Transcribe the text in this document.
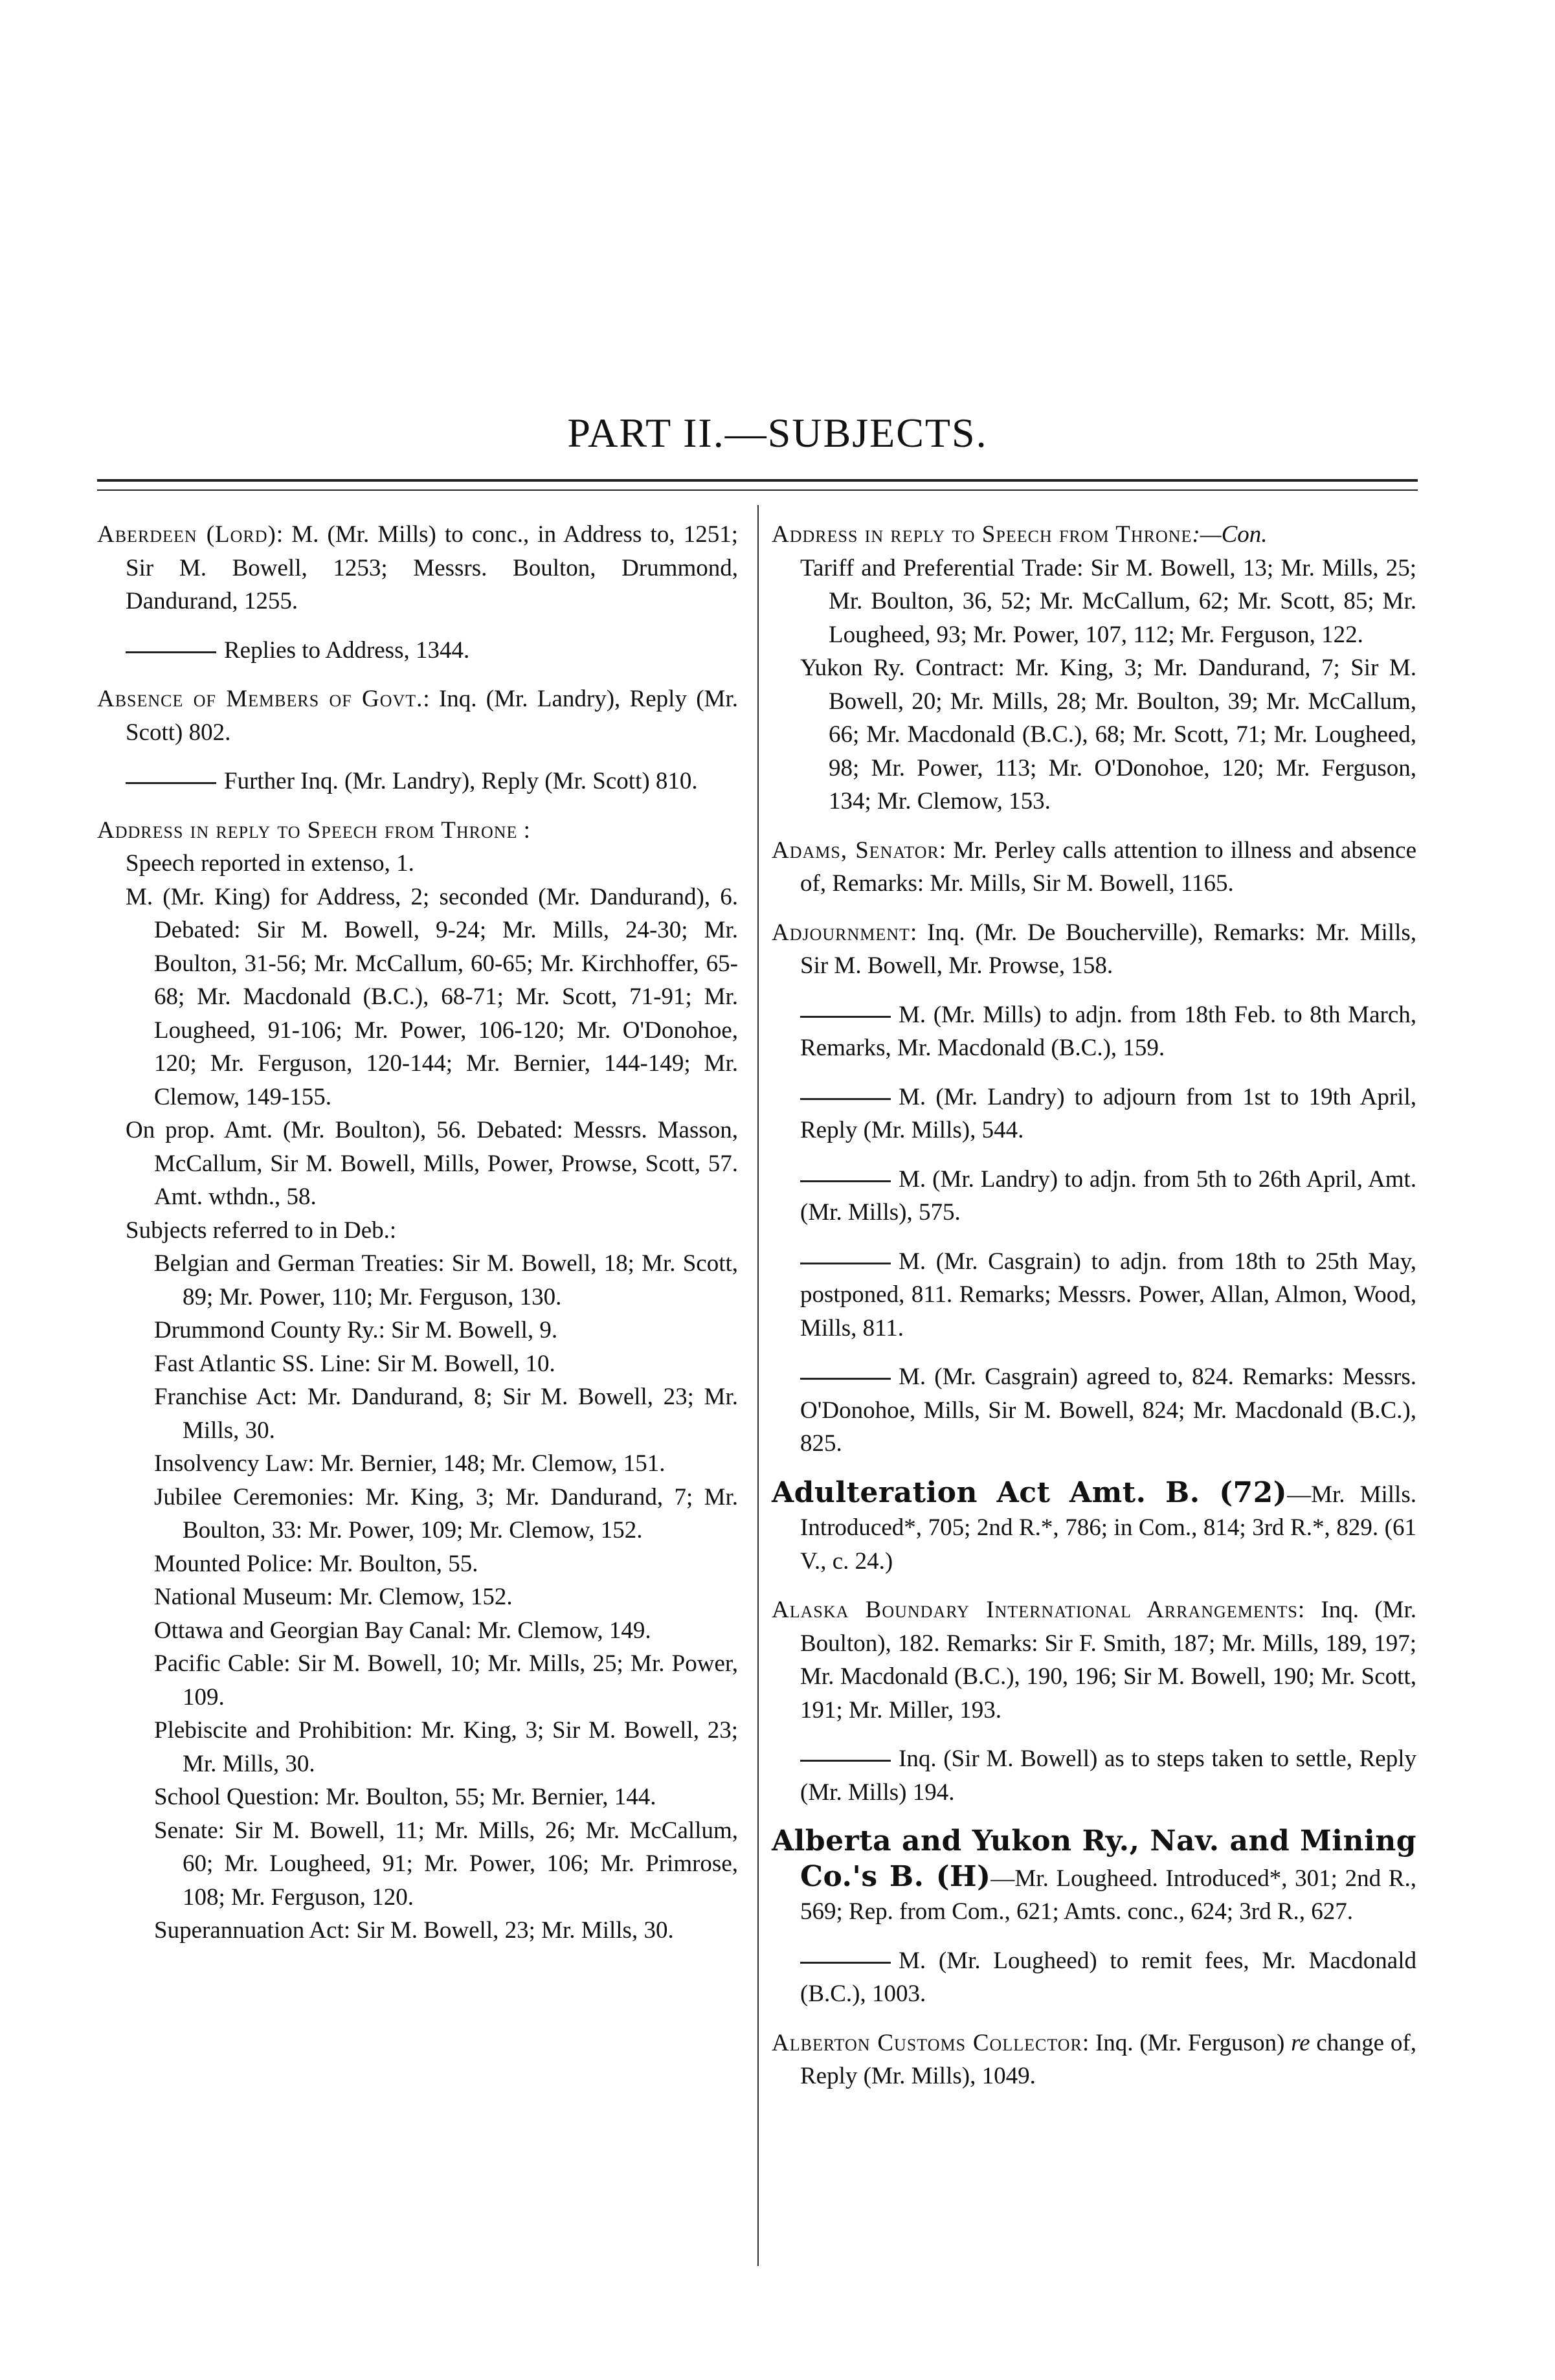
PART II.—SUBJECTS.
Aberdeen (Lord): M. (Mr. Mills) to conc., in Address to, 1251; Sir M. Bowell, 1253; Messrs. Boulton, Drummond, Dandurand, 1255.
Replies to Address, 1344.
Absence of Members of Govt.: Inq. (Mr. Landry), Reply (Mr. Scott) 802.
Further Inq. (Mr. Landry), Reply (Mr. Scott) 810.
Address in reply to Speech from Throne :

Speech reported in extenso, 1.

M. (Mr. King) for Address, 2; seconded (Mr. Dandurand), 6. Debated: Sir M. Bowell, 9-24; Mr. Mills, 24-30; Mr. Boulton, 31-56; Mr. McCallum, 60-65; Mr. Kirchhoffer, 65-68; Mr. Macdonald (B.C.), 68-71; Mr. Scott, 71-91; Mr. Lougheed, 91-106; Mr. Power, 106-120; Mr. O'Donohoe, 120; Mr. Ferguson, 120-144; Mr. Bernier, 144-149; Mr. Clemow, 149-155.

On prop. Amt. (Mr. Boulton), 56. Debated: Messrs. Masson, McCallum, Sir M. Bowell, Mills, Power, Prowse, Scott, 57. Amt. wthdn., 58.

Subjects referred to in Deb.:

Belgian and German Treaties: Sir M. Bowell, 18; Mr. Scott, 89; Mr. Power, 110; Mr. Ferguson, 130.

Drummond County Ry.: Sir M. Bowell, 9.

Fast Atlantic SS. Line: Sir M. Bowell, 10.

Franchise Act: Mr. Dandurand, 8; Sir M. Bowell, 23; Mr. Mills, 30.

Insolvency Law: Mr. Bernier, 148; Mr. Clemow, 151.

Jubilee Ceremonies: Mr. King, 3; Mr. Dandurand, 7; Mr. Boulton, 33: Mr. Power, 109; Mr. Clemow, 152.

Mounted Police: Mr. Boulton, 55.

National Museum: Mr. Clemow, 152.

Ottawa and Georgian Bay Canal: Mr. Clemow, 149.

Pacific Cable: Sir M. Bowell, 10; Mr. Mills, 25; Mr. Power, 109.

Plebiscite and Prohibition: Mr. King, 3; Sir M. Bowell, 23; Mr. Mills, 30.

School Question: Mr. Boulton, 55; Mr. Bernier, 144.

Senate: Sir M. Bowell, 11; Mr. Mills, 26; Mr. McCallum, 60; Mr. Lougheed, 91; Mr. Power, 106; Mr. Primrose, 108; Mr. Ferguson, 120.

Superannuation Act: Sir M. Bowell, 23; Mr. Mills, 30.

Address in reply to Speech from Throne:—Con.

Tariff and Preferential Trade: Sir M. Bowell, 13; Mr. Mills, 25; Mr. Boulton, 36, 52; Mr. McCallum, 62; Mr. Scott, 85; Mr. Lougheed, 93; Mr. Power, 107, 112; Mr. Ferguson, 122.

Yukon Ry. Contract: Mr. King, 3; Mr. Dandurand, 7; Sir M. Bowell, 20; Mr. Mills, 28; Mr. Boulton, 39; Mr. McCallum, 66; Mr. Macdonald (B.C.), 68; Mr. Scott, 71; Mr. Lougheed, 98; Mr. Power, 113; Mr. O'Donohoe, 120; Mr. Ferguson, 134; Mr. Clemow, 153.

Adams, Senator: Mr. Perley calls attention to illness and absence of, Remarks: Mr. Mills, Sir M. Bowell, 1165.
Adjournment: Inq. (Mr. De Boucherville), Remarks: Mr. Mills, Sir M. Bowell, Mr. Prowse, 158.
M. (Mr. Mills) to adjn. from 18th Feb. to 8th March, Remarks, Mr. Macdonald (B.C.), 159.
M. (Mr. Landry) to adjourn from 1st to 19th April, Reply (Mr. Mills), 544.
M. (Mr. Landry) to adjn. from 5th to 26th April, Amt. (Mr. Mills), 575.
M. (Mr. Casgrain) to adjn. from 18th to 25th May, postponed, 811. Remarks; Messrs. Power, Allan, Almon, Wood, Mills, 811.
M. (Mr. Casgrain) agreed to, 824. Remarks: Messrs. O'Donohoe, Mills, Sir M. Bowell, 824; Mr. Macdonald (B.C.), 825.
Adulteration Act Amt. B. (72)—Mr. Mills. Introduced*, 705; 2nd R.*, 786; in Com., 814; 3rd R.*, 829. (61 V., c. 24.)
Alaska Boundary International Arrangements: Inq. (Mr. Boulton), 182. Remarks: Sir F. Smith, 187; Mr. Mills, 189, 197; Mr. Macdonald (B.C.), 190, 196; Sir M. Bowell, 190; Mr. Scott, 191; Mr. Miller, 193.
Inq. (Sir M. Bowell) as to steps taken to settle, Reply (Mr. Mills) 194.
Alberta and Yukon Ry., Nav. and Mining Co.'s B. (H)—Mr. Lougheed. Introduced*, 301; 2nd R., 569; Rep. from Com., 621; Amts. conc., 624; 3rd R., 627.
M. (Mr. Lougheed) to remit fees, Mr. Macdonald (B.C.), 1003.
Alberton Customs Collector: Inq. (Mr. Ferguson) re change of, Reply (Mr. Mills), 1049.
